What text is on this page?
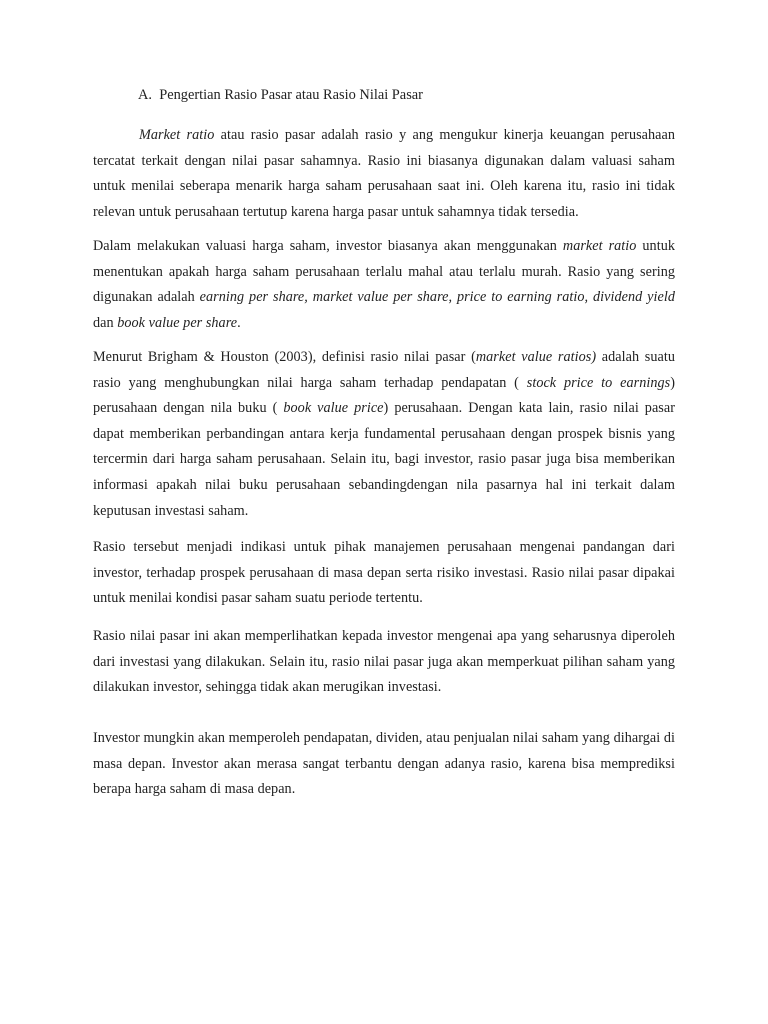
A. Pengertian Rasio Pasar atau Rasio Nilai Pasar
Market ratio atau rasio pasar adalah rasio y ang mengukur kinerja keuangan perusahaan tercatat terkait dengan nilai pasar sahamnya. Rasio ini biasanya digunakan dalam valuasi saham untuk menilai seberapa menarik harga saham perusahaan saat ini. Oleh karena itu, rasio ini tidak relevan untuk perusahaan tertutup karena harga pasar untuk sahamnya tidak tersedia.
Dalam melakukan valuasi harga saham, investor biasanya akan menggunakan market ratio untuk menentukan apakah harga saham perusahaan terlalu mahal atau terlalu murah. Rasio yang sering digunakan adalah earning per share, market value per share, price to earning ratio, dividend yield dan book value per share.
Menurut Brigham & Houston (2003), definisi rasio nilai pasar (market value ratios) adalah suatu rasio yang menghubungkan nilai harga saham terhadap pendapatan ( stock price to earnings) perusahaan dengan nila buku ( book value price) perusahaan. Dengan kata lain, rasio nilai pasar dapat memberikan perbandingan antara kerja fundamental perusahaan dengan prospek bisnis yang tercermin dari harga saham perusahaan. Selain itu, bagi investor, rasio pasar juga bisa memberikan informasi apakah nilai buku perusahaan sebandingdengan nila pasarnya hal ini terkait dalam keputusan investasi saham.
Rasio tersebut menjadi indikasi untuk pihak manajemen perusahaan mengenai pandangan dari investor, terhadap prospek perusahaan di masa depan serta risiko investasi. Rasio nilai pasar dipakai untuk menilai kondisi pasar saham suatu periode tertentu.
Rasio nilai pasar ini akan memperlihatkan kepada investor mengenai apa yang seharusnya diperoleh dari investasi yang dilakukan. Selain itu, rasio nilai pasar juga akan memperkuat pilihan saham yang dilakukan investor, sehingga tidak akan merugikan investasi.
Investor mungkin akan memperoleh pendapatan, dividen, atau penjualan nilai saham yang dihargai di masa depan. Investor akan merasa sangat terbantu dengan adanya rasio, karena bisa memprediksi berapa harga saham di masa depan.
